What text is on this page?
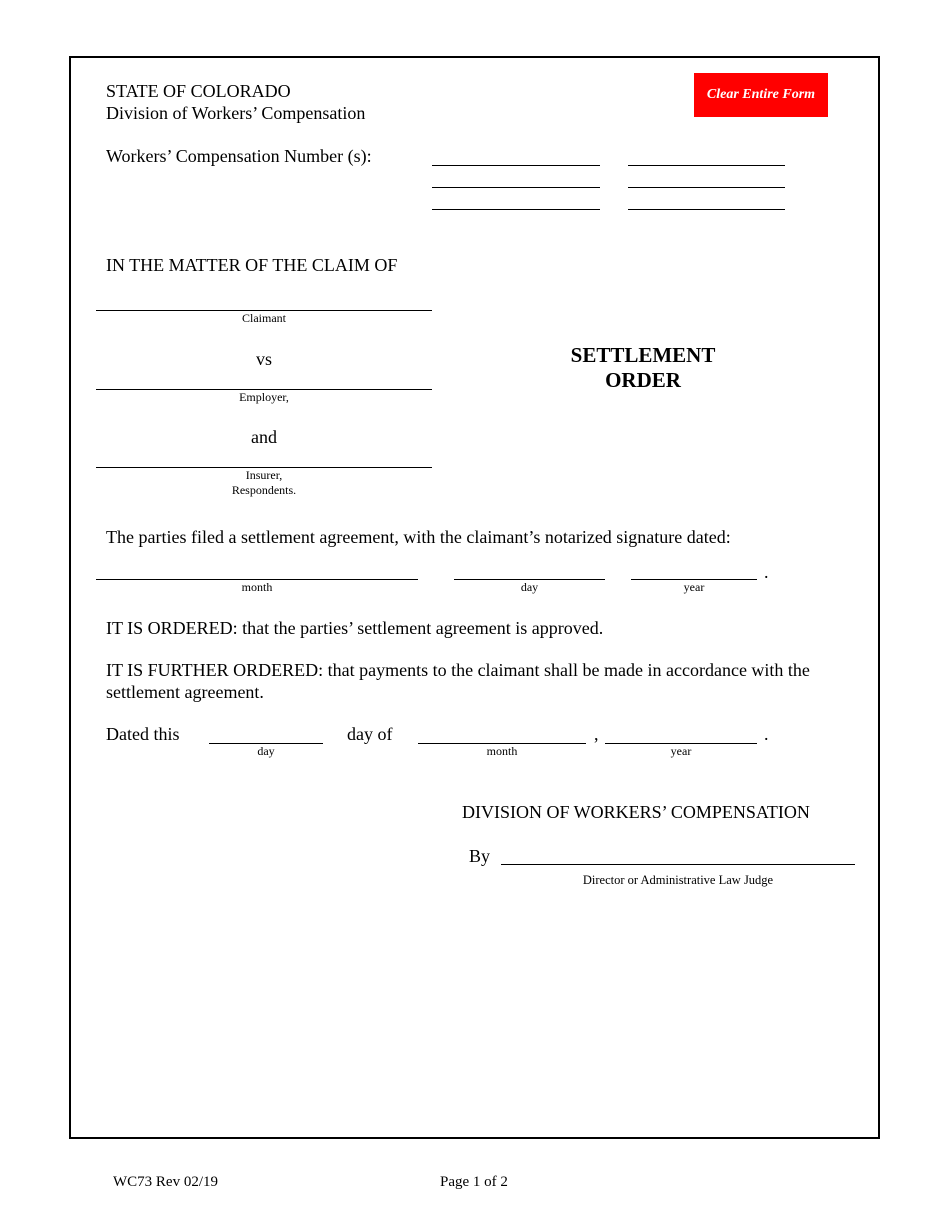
STATE OF COLORADO
Division of Workers’ Compensation
Clear Entire Form
Workers’ Compensation Number (s):
IN THE MATTER OF THE CLAIM OF
Claimant
vs
Employer,
and
Insurer,
Respondents.
SETTLEMENT
ORDER
The parties filed a settlement agreement, with the claimant’s notarized signature dated:
month	day	year
.
IT IS ORDERED: that the parties’ settlement agreement is approved.
IT IS FURTHER ORDERED: that payments to the claimant shall be made in accordance with the
settlement agreement.
Dated this
day
day of
month
,
year
.
DIVISION OF WORKERS’ COMPENSATION
By
Director or Administrative Law Judge
WC73 Rev 02/19	Page 1 of 2
